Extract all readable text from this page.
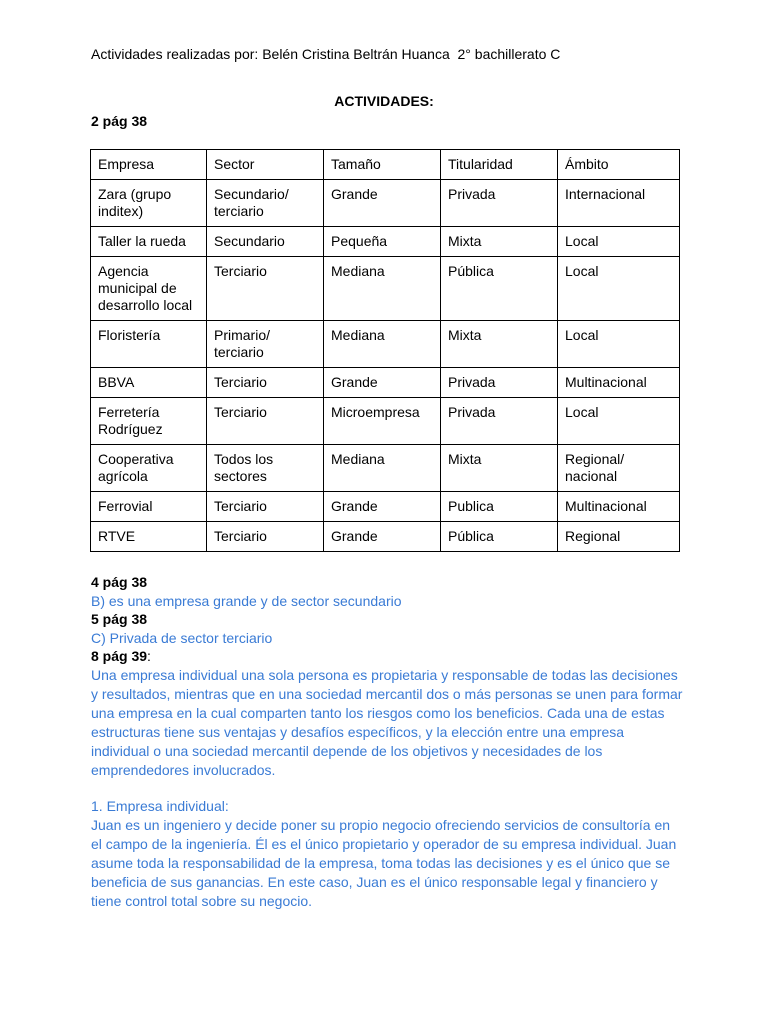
Actividades realizadas por: Belén Cristina Beltrán Huanca  2° bachillerato C
ACTIVIDADES:
2 pág 38
Empresa	Sector	Tamaño	Titularidad	Ámbito
Zara (grupo inditex)	Secundario/ terciario	Grande	Privada	Internacional
Taller la rueda	Secundario	Pequeña	Mixta	Local
Agencia municipal de desarrollo local	Terciario	Mediana	Pública	Local
Floristería	Primario/ terciario	Mediana	Mixta	Local
BBVA	Terciario	Grande	Privada	Multinacional
Ferretería Rodríguez	Terciario	Microempresa	Privada	Local
Cooperativa agrícola	Todos los sectores	Mediana	Mixta	Regional/ nacional
Ferrovial	Terciario	Grande	Publica	Multinacional
RTVE	Terciario	Grande	Pública	Regional
4 pág 38
B) es una empresa grande y de sector secundario
5 pág 38
C) Privada de sector terciario
8 pág 39:
Una empresa individual una sola persona es propietaria y responsable de todas las decisiones y resultados, mientras que en una sociedad mercantil dos o más personas se unen para formar una empresa en la cual comparten tanto los riesgos como los beneficios. Cada una de estas estructuras tiene sus ventajas y desafíos específicos, y la elección entre una empresa individual o una sociedad mercantil depende de los objetivos y necesidades de los emprendedores involucrados.
1. Empresa individual:
Juan es un ingeniero y decide poner su propio negocio ofreciendo servicios de consultoría en el campo de la ingeniería. Él es el único propietario y operador de su empresa individual. Juan asume toda la responsabilidad de la empresa, toma todas las decisiones y es el único que se beneficia de sus ganancias. En este caso, Juan es el único responsable legal y financiero y tiene control total sobre su negocio.
